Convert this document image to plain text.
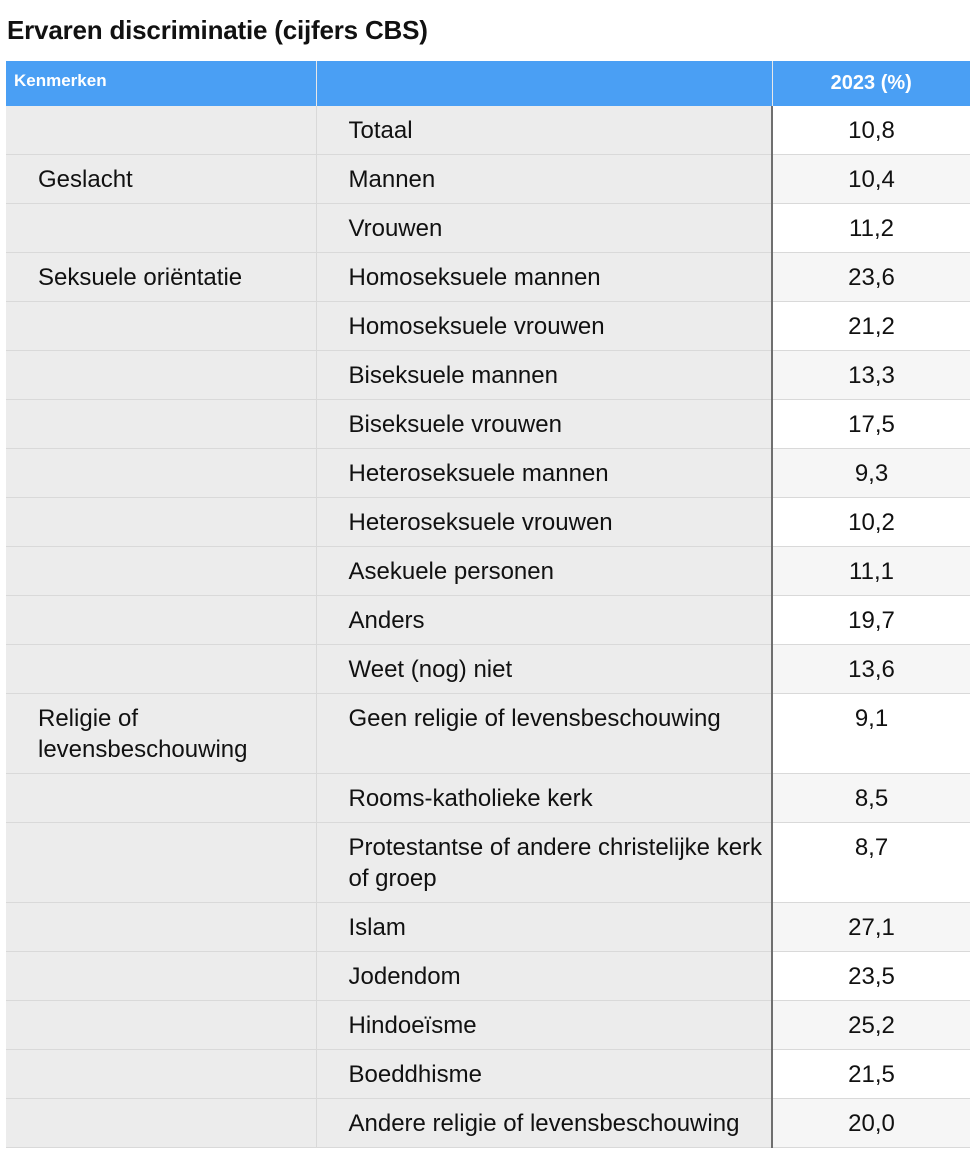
Ervaren discriminatie (cijfers CBS)
Kenmerken		2023 (%)
	Totaal	10,8
Geslacht	Mannen	10,4
	Vrouwen	11,2
Seksuele oriëntatie	Homoseksuele mannen	23,6
	Homoseksuele vrouwen	21,2
	Biseksuele mannen	13,3
	Biseksuele vrouwen	17,5
	Heteroseksuele mannen	9,3
	Heteroseksuele vrouwen	10,2
	Asekuele personen	11,1
	Anders	19,7
	Weet (nog) niet	13,6
Religie of levensbeschouwing	Geen religie of levensbeschouwing	9,1
	Rooms-katholieke kerk	8,5
	Protestantse of andere christelijke kerk of groep	8,7
	Islam	27,1
	Jodendom	23,5
	Hindoeïsme	25,2
	Boeddhisme	21,5
	Andere religie of levensbeschouwing	20,0
